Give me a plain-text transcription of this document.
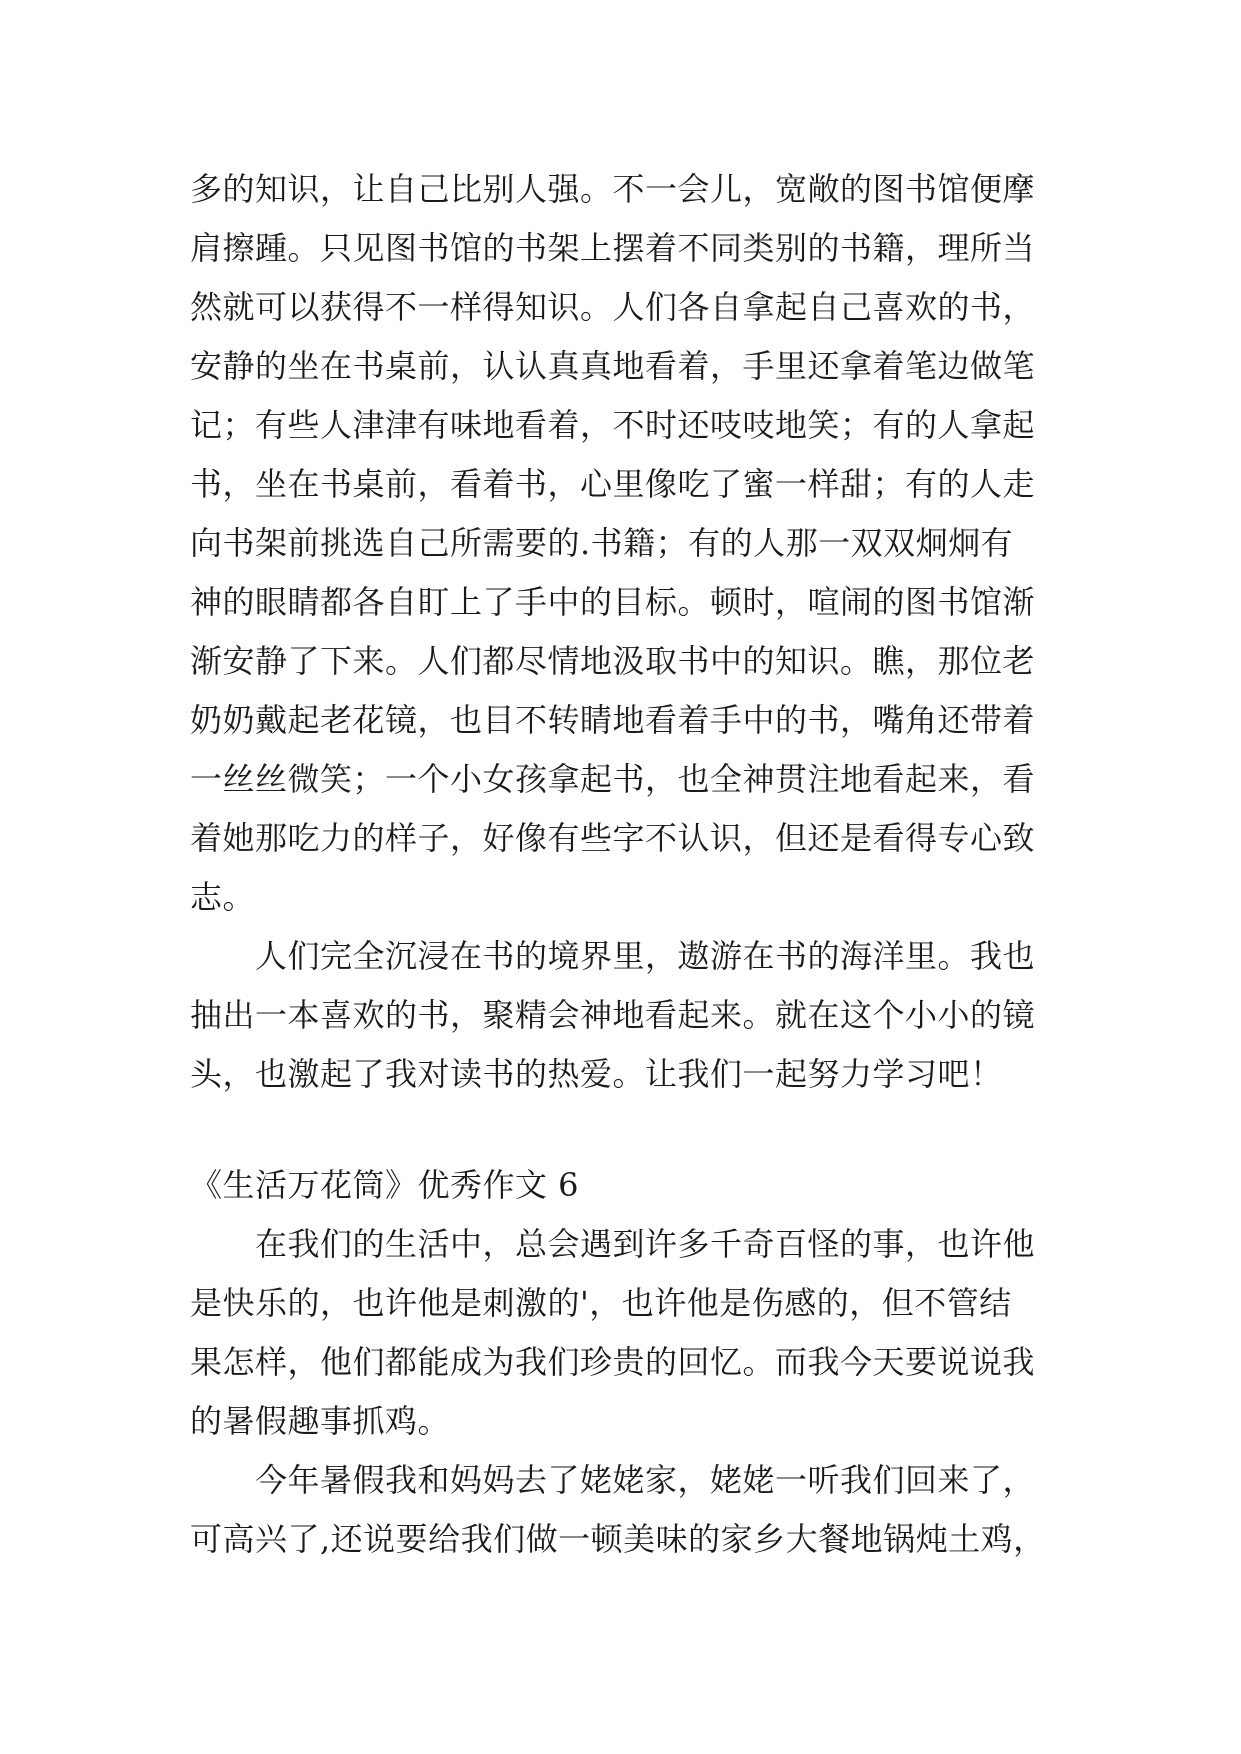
多的知识，让自己比别人强。不一会儿，宽敞的图书馆便摩
肩擦踵。只见图书馆的书架上摆着不同类别的书籍，理所当
然就可以获得不一样得知识。人们各自拿起自己喜欢的书，
安静的坐在书桌前，认认真真地看着，手里还拿着笔边做笔
记；有些人津津有味地看着，不时还吱吱地笑；有的人拿起
书，坐在书桌前，看着书，心里像吃了蜜一样甜；有的人走
向书架前挑选自己所需要的.书籍；有的人那一双双炯炯有
神的眼睛都各自盯上了手中的目标。顿时，喧闹的图书馆渐
渐安静了下来。人们都尽情地汲取书中的知识。瞧，那位老
奶奶戴起老花镜，也目不转睛地看着手中的书，嘴角还带着
一丝丝微笑；一个小女孩拿起书，也全神贯注地看起来，看
着她那吃力的样子，好像有些字不认识，但还是看得专心致
志。
　　人们完全沉浸在书的境界里，遨游在书的海洋里。我也
抽出一本喜欢的书，聚精会神地看起来。就在这个小小的镜
头，也激起了我对读书的热爱。让我们一起努力学习吧！
《生活万花筒》优秀作文 6
　　在我们的生活中，总会遇到许多千奇百怪的事，也许他
是快乐的，也许他是刺激的'，也许他是伤感的，但不管结
果怎样，他们都能成为我们珍贵的回忆。而我今天要说说我
的暑假趣事抓鸡。
　　今年暑假我和妈妈去了姥姥家，姥姥一听我们回来了，
可高兴了,还说要给我们做一顿美味的家乡大餐地锅炖土鸡，
